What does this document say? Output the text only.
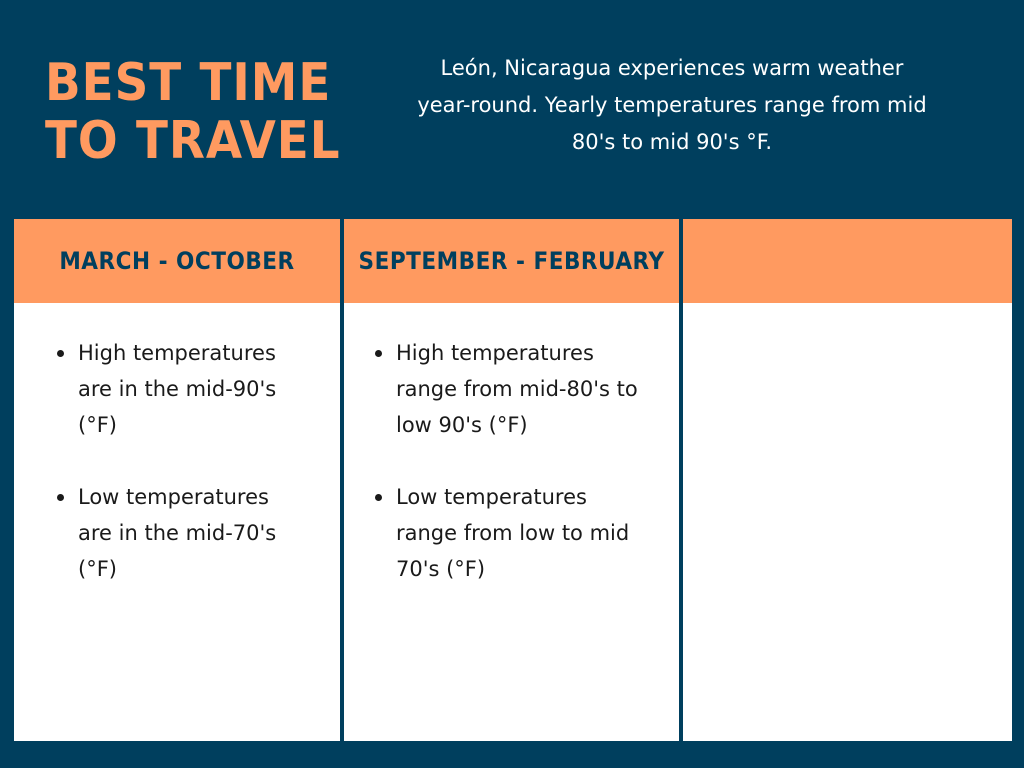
BEST TIME
TO TRAVEL

León, Nicaragua experiences warm weather
year-round. Yearly temperatures range from mid
80's to mid 90's °F.

MARCH - OCTOBER
High temperatures
are in the mid-90's
(°F)
Low temperatures
are in the mid-70's
(°F)
SEPTEMBER - FEBRUARY
High temperatures
range from mid-80's to
low 90's (°F)
Low temperatures
range from low to mid
70's (°F)
